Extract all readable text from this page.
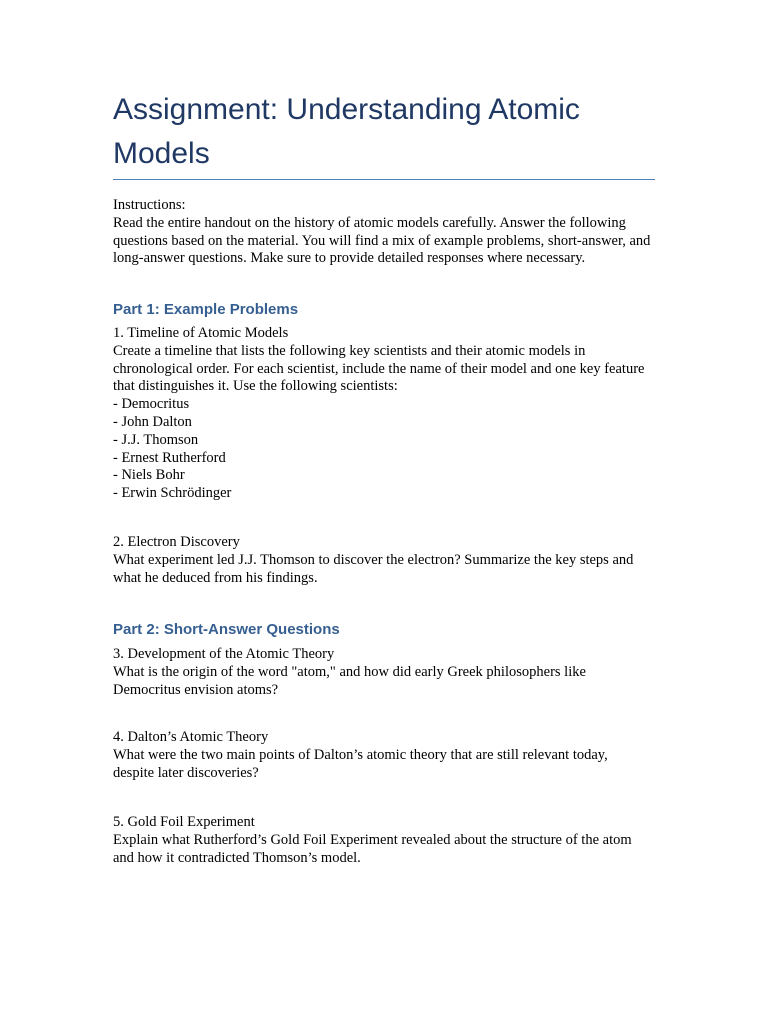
Assignment: Understanding Atomic Models
Instructions:
Read the entire handout on the history of atomic models carefully. Answer the following
questions based on the material. You will find a mix of example problems, short-answer, and
long-answer questions. Make sure to provide detailed responses where necessary.
Part 1: Example Problems
1. Timeline of Atomic Models
Create a timeline that lists the following key scientists and their atomic models in
chronological order. For each scientist, include the name of their model and one key feature
that distinguishes it. Use the following scientists:
- Democritus
- John Dalton
- J.J. Thomson
- Ernest Rutherford
- Niels Bohr
- Erwin Schrödinger
2. Electron Discovery
What experiment led J.J. Thomson to discover the electron? Summarize the key steps and
what he deduced from his findings.
Part 2: Short-Answer Questions
3. Development of the Atomic Theory
What is the origin of the word "atom," and how did early Greek philosophers like
Democritus envision atoms?
4. Dalton’s Atomic Theory
What were the two main points of Dalton’s atomic theory that are still relevant today,
despite later discoveries?
5. Gold Foil Experiment
Explain what Rutherford’s Gold Foil Experiment revealed about the structure of the atom
and how it contradicted Thomson’s model.
